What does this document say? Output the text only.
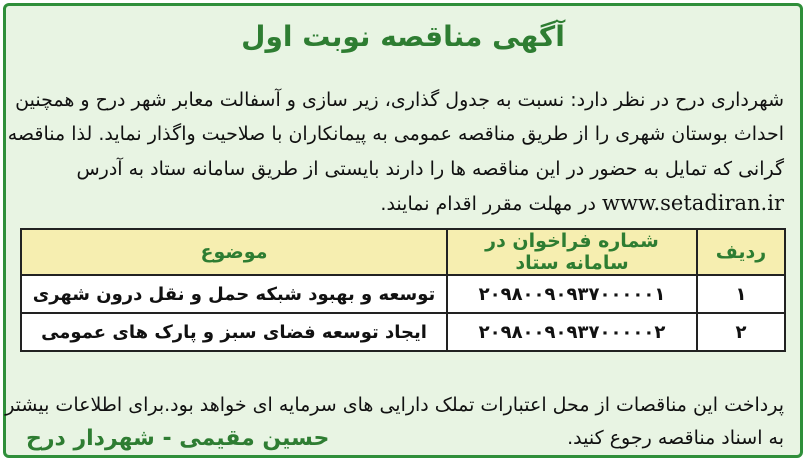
آگهی مناقصه نوبت اول

شهرداری درح در نظر دارد: نسبت به جدول گذاری، زیر سازی و آسفالت معابر شهر درح و همچنین

احداث بوستان شهری را از طریق مناقصه عمومی به پیمانکاران با صلاحیت واگذار نماید. لذا مناقصه

گرانی که تمایل به حضور در این مناقصه ها را دارند بایستی از طریق سامانه ستاد به آدرس

www.setadiran.ir در مهلت مقرر اقدام نمایند.

ردیف	شماره فراخوان در سامانه ستاد	موضوع
۱	۲۰۹۸۰۰۹۰۹۳۷۰۰۰۰۰۱	توسعه و بهبود شبکه حمل و نقل درون شهری
۲	۲۰۹۸۰۰۹۰۹۳۷۰۰۰۰۰۲	ایجاد توسعه فضای سبز و پارک های عمومی

پرداخت این مناقصات از محل اعتبارات تملک دارایی های سرمایه ای خواهد بود.برای اطلاعات بیشتر

به اسناد مناقصه رجوع کنید.

حسین مقیمی - شهردار درح
